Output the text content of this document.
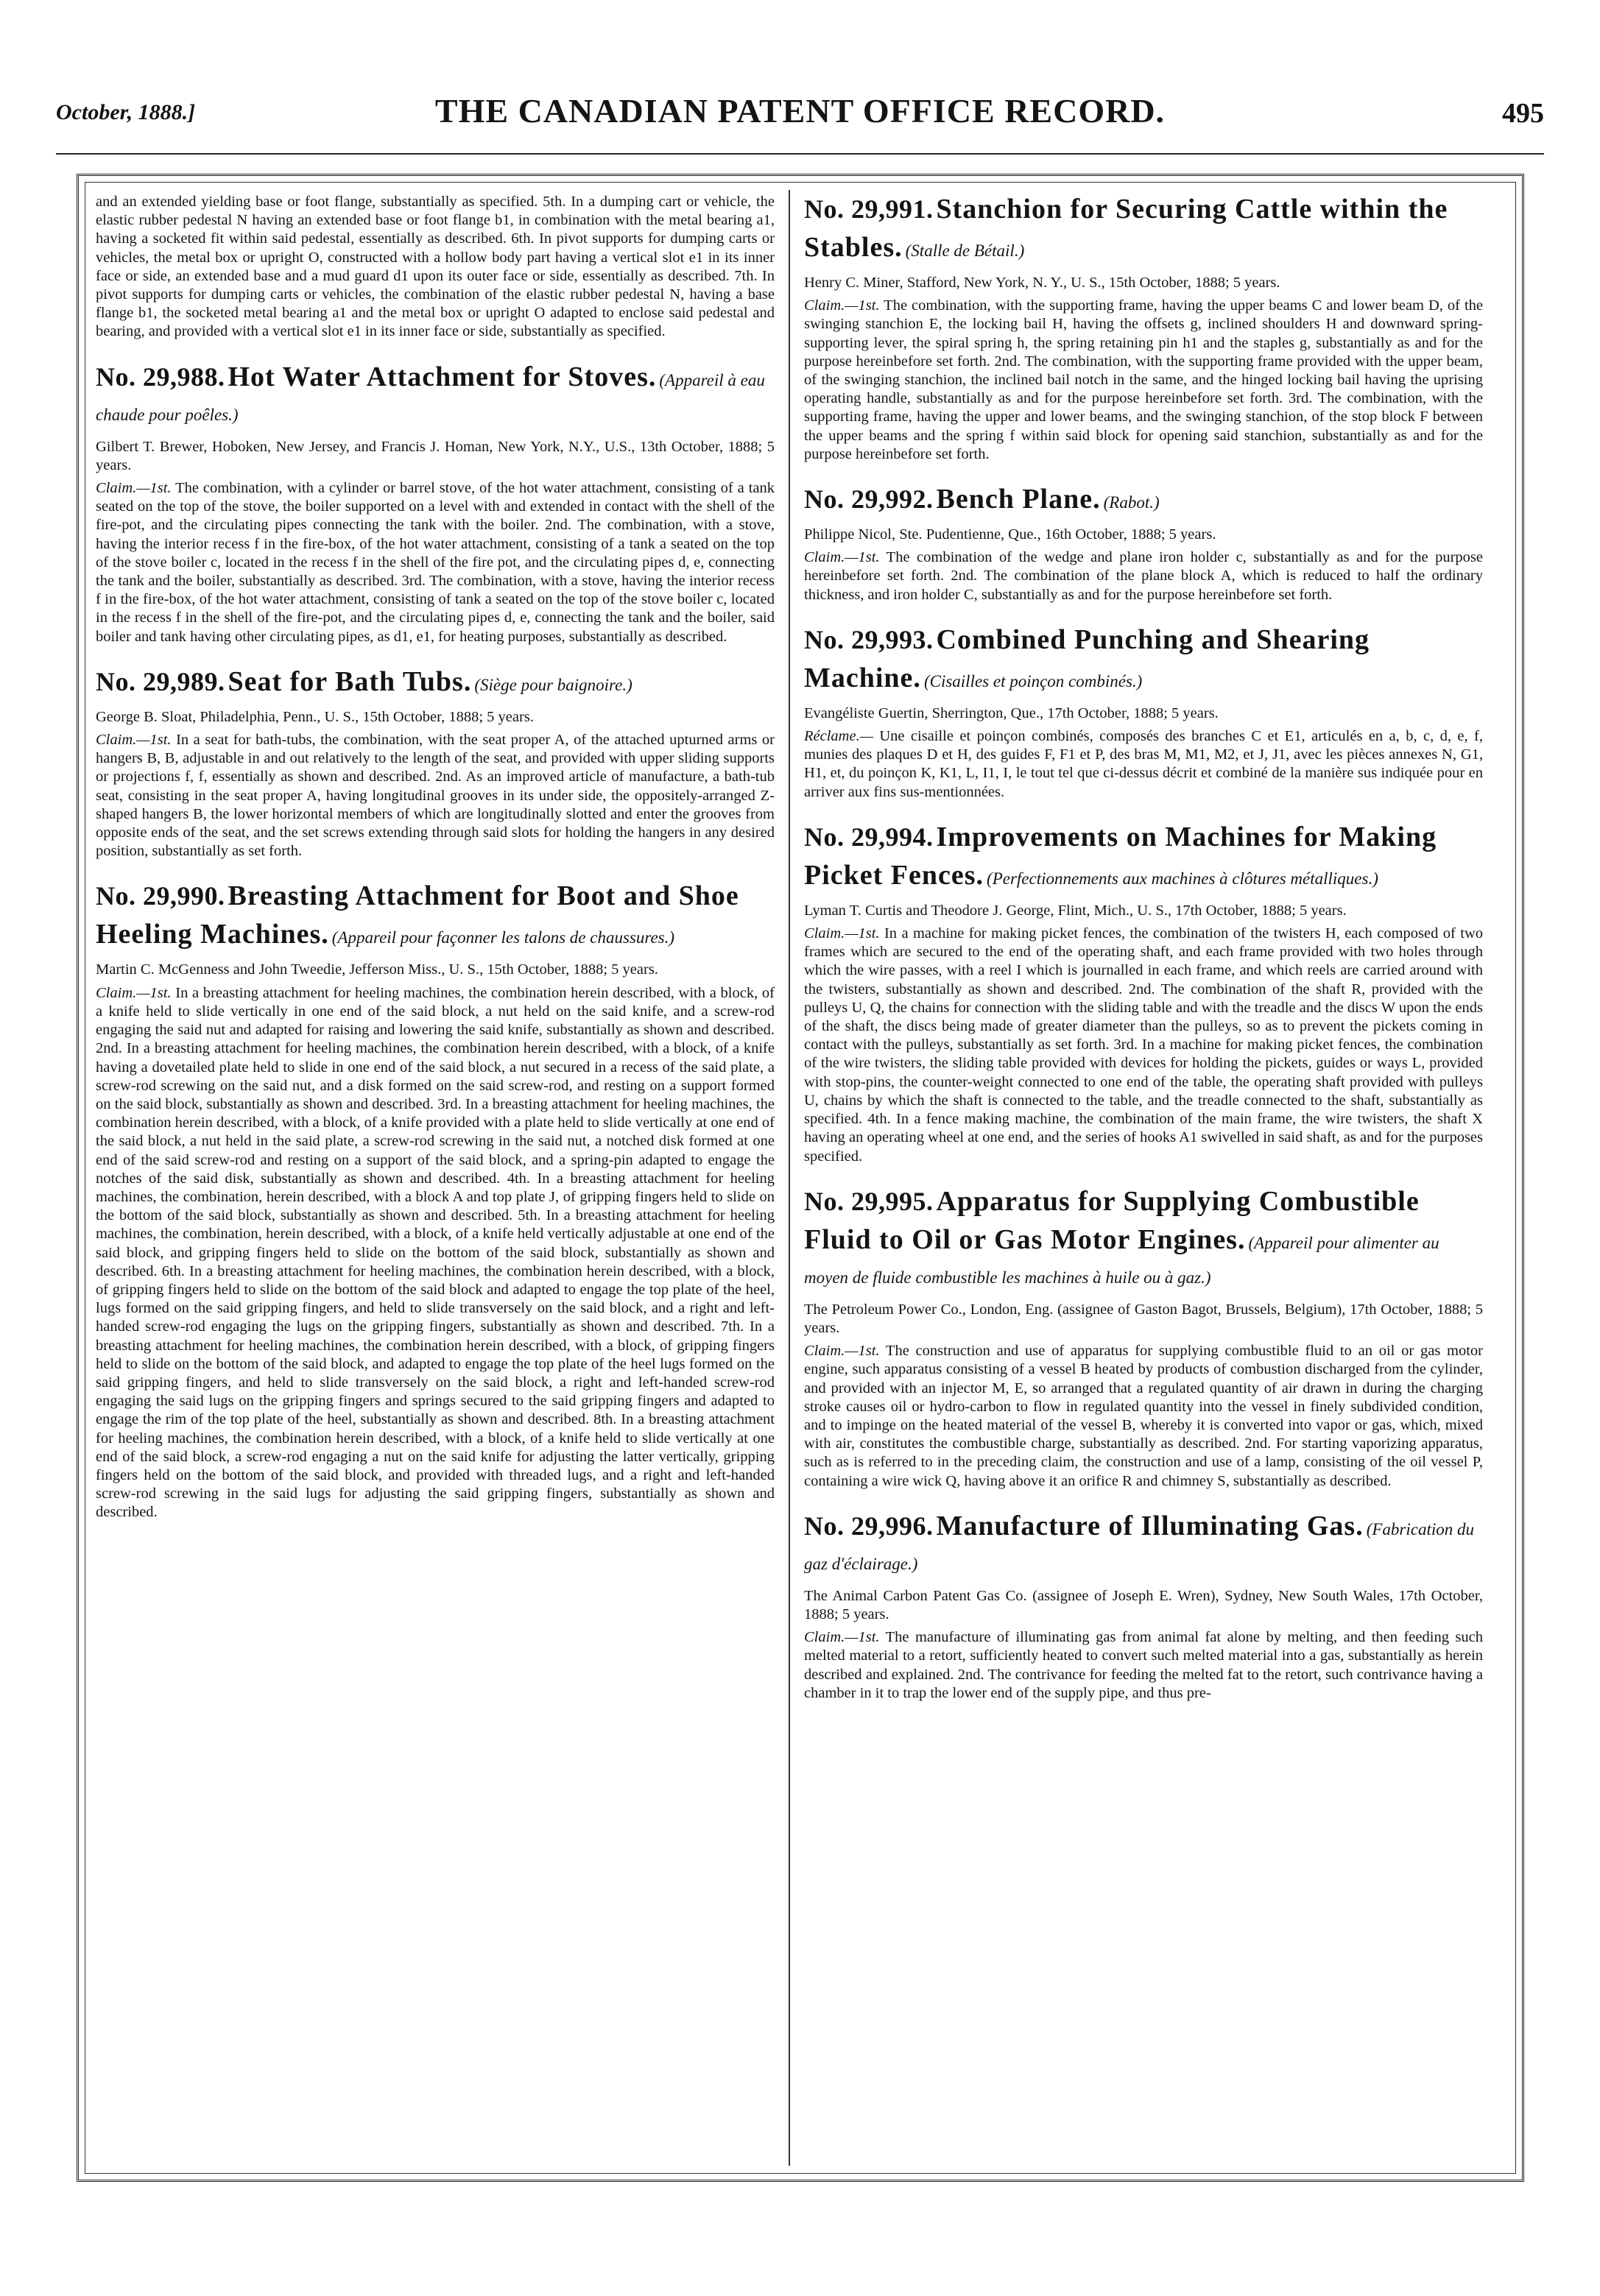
October, 1888.]	THE CANADIAN PATENT OFFICE RECORD.	495

and an extended yielding base or foot flange, substantially as specified. 5th. In a dumping cart or vehicle, the elastic rubber pedestal N having an extended base or foot flange b1, in combination with the metal bearing a1, having a socketed fit within said pedestal, essentially as described. 6th. In pivot supports for dumping carts or vehicles, the metal box or upright O, constructed with a hollow body part having a vertical slot e1 in its inner face or side, an extended base and a mud guard d1 upon its outer face or side, essentially as described. 7th. In pivot supports for dumping carts or vehicles, the combination of the elastic rubber pedestal N, having a base flange b1, the socketed metal bearing a1 and the metal box or upright O adapted to enclose said pedestal and bearing, and provided with a vertical slot e1 in its inner face or side, substantially as specified.

No. 29,988. Hot Water Attachment for Stoves. (Appareil à eau chaude pour poêles.)

Gilbert T. Brewer, Hoboken, New Jersey, and Francis J. Homan, New York, N.Y., U.S., 13th October, 1888; 5 years.

Claim.—1st. The combination, with a cylinder or barrel stove, of the hot water attachment, consisting of a tank seated on the top of the stove, the boiler supported on a level with and extended in contact with the shell of the fire-pot, and the circulating pipes connecting the tank with the boiler. 2nd. The combination, with a stove, having the interior recess f in the fire-box, of the hot water attachment, consisting of a tank a seated on the top of the stove boiler c, located in the recess f in the shell of the fire pot, and the circulating pipes d, e, connecting the tank and the boiler, substantially as described. 3rd. The combination, with a stove, having the interior recess f in the fire-box, of the hot water attachment, consisting of tank a seated on the top of the stove boiler c, located in the recess f in the shell of the fire-pot, and the circulating pipes d, e, connecting the tank and the boiler, said boiler and tank having other circulating pipes, as d1, e1, for heating purposes, substantially as described.

No. 29,989. Seat for Bath Tubs. (Siège pour baignoire.)

George B. Sloat, Philadelphia, Penn., U. S., 15th October, 1888; 5 years.

Claim.—1st. In a seat for bath-tubs, the combination, with the seat proper A, of the attached upturned arms or hangers B, B, adjustable in and out relatively to the length of the seat, and provided with upper sliding supports or projections f, f, essentially as shown and described. 2nd. As an improved article of manufacture, a bath-tub seat, consisting in the seat proper A, having longitudinal grooves in its under side, the oppositely-arranged Z-shaped hangers B, the lower horizontal members of which are longitudinally slotted and enter the grooves from opposite ends of the seat, and the set screws extending through said slots for holding the hangers in any desired position, substantially as set forth.

No. 29,990. Breasting Attachment for Boot and Shoe Heeling Machines. (Appareil pour façonner les talons de chaussures.)

Martin C. McGenness and John Tweedie, Jefferson Miss., U. S., 15th October, 1888; 5 years.

Claim.—1st. In a breasting attachment for heeling machines, the combination herein described, with a block, of a knife held to slide vertically in one end of the said block, a nut held on the said knife, and a screw-rod engaging the said nut and adapted for raising and lowering the said knife, substantially as shown and described. 2nd. In a breasting attachment for heeling machines, the combination herein described, with a block, of a knife having a dovetailed plate held to slide in one end of the said block, a nut secured in a recess of the said plate, a screw-rod screwing on the said nut, and a disk formed on the said screw-rod, and resting on a support formed on the said block, substantially as shown and described. 3rd. In a breasting attachment for heeling machines, the combination herein described, with a block, of a knife provided with a plate held to slide vertically at one end of the said block, a nut held in the said plate, a screw-rod screwing in the said nut, a notched disk formed at one end of the said screw-rod and resting on a support of the said block, and a spring-pin adapted to engage the notches of the said disk, substantially as shown and described. 4th. In a breasting attachment for heeling machines, the combination, herein described, with a block A and top plate J, of gripping fingers held to slide on the bottom of the said block, substantially as shown and described. 5th. In a breasting attachment for heeling machines, the combination, herein described, with a block, of a knife held vertically adjustable at one end of the said block, and gripping fingers held to slide on the bottom of the said block, substantially as shown and described. 6th. In a breasting attachment for heeling machines, the combination herein described, with a block, of gripping fingers held to slide on the bottom of the said block and adapted to engage the top plate of the heel, lugs formed on the said gripping fingers, and held to slide transversely on the said block, and a right and left-handed screw-rod engaging the lugs on the gripping fingers, substantially as shown and described. 7th. In a breasting attachment for heeling machines, the combination herein described, with a block, of gripping fingers held to slide on the bottom of the said block, and adapted to engage the top plate of the heel lugs formed on the said gripping fingers, and held to slide transversely on the said block, a right and left-handed screw-rod engaging the said lugs on the gripping fingers and springs secured to the said gripping fingers and adapted to engage the rim of the top plate of the heel, substantially as shown and described. 8th. In a breasting attachment for heeling machines, the combination herein described, with a block, of a knife held to slide vertically at one end of the said block, a screw-rod engaging a nut on the said knife for adjusting the latter vertically, gripping fingers held on the bottom of the said block, and provided with threaded lugs, and a right and left-handed screw-rod screwing in the said lugs for adjusting the said gripping fingers, substantially as shown and described.

No. 29,991. Stanchion for Securing Cattle within the Stables. (Stalle de Bétail.)

Henry C. Miner, Stafford, New York, N. Y., U. S., 15th October, 1888; 5 years.

Claim.—1st. The combination, with the supporting frame, having the upper beams C and lower beam D, of the swinging stanchion E, the locking bail H, having the offsets g, inclined shoulders H and downward spring-supporting lever, the spiral spring h, the spring retaining pin h1 and the staples g, substantially as and for the purpose hereinbefore set forth. 2nd. The combination, with the supporting frame provided with the upper beam, of the swinging stanchion, the inclined bail notch in the same, and the hinged locking bail having the uprising operating handle, substantially as and for the purpose hereinbefore set forth. 3rd. The combination, with the supporting frame, having the upper and lower beams, and the swinging stanchion, of the stop block F between the upper beams and the spring f within said block for opening said stanchion, substantially as and for the purpose hereinbefore set forth.

No. 29,992. Bench Plane. (Rabot.)

Philippe Nicol, Ste. Pudentienne, Que., 16th October, 1888; 5 years.

Claim.—1st. The combination of the wedge and plane iron holder c, substantially as and for the purpose hereinbefore set forth. 2nd. The combination of the plane block A, which is reduced to half the ordinary thickness, and iron holder C, substantially as and for the purpose hereinbefore set forth.

No. 29,993. Combined Punching and Shearing Machine. (Cisailles et poinçon combinés.)

Evangéliste Guertin, Sherrington, Que., 17th October, 1888; 5 years.

Réclame.— Une cisaille et poinçon combinés, composés des branches C et E1, articulés en a, b, c, d, e, f, munies des plaques D et H, des guides F, F1 et P, des bras M, M1, M2, et J, J1, avec les pièces annexes N, G1, H1, et, du poinçon K, K1, L, I1, I, le tout tel que ci-dessus décrit et combiné de la manière sus indiquée pour en arriver aux fins sus-mentionnées.

No. 29,994. Improvements on Machines for Making Picket Fences. (Perfectionnements aux machines à clôtures métalliques.)

Lyman T. Curtis and Theodore J. George, Flint, Mich., U. S., 17th October, 1888; 5 years.

Claim.—1st. In a machine for making picket fences, the combination of the twisters H, each composed of two frames which are secured to the end of the operating shaft, and each frame provided with two holes through which the wire passes, with a reel I which is journalled in each frame, and which reels are carried around with the twisters, substantially as shown and described. 2nd. The combination of the shaft R, provided with the pulleys U, Q, the chains for connection with the sliding table and with the treadle and the discs W upon the ends of the shaft, the discs being made of greater diameter than the pulleys, so as to prevent the pickets coming in contact with the pulleys, substantially as set forth. 3rd. In a machine for making picket fences, the combination of the wire twisters, the sliding table provided with devices for holding the pickets, guides or ways L, provided with stop-pins, the counter-weight connected to one end of the table, the operating shaft provided with pulleys U, chains by which the shaft is connected to the table, and the treadle connected to the shaft, substantially as specified. 4th. In a fence making machine, the combination of the main frame, the wire twisters, the shaft X having an operating wheel at one end, and the series of hooks A1 swivelled in said shaft, as and for the purposes specified.

No. 29,995. Apparatus for Supplying Combustible Fluid to Oil or Gas Motor Engines. (Appareil pour alimenter au moyen de fluide combustible les machines à huile ou à gaz.)

The Petroleum Power Co., London, Eng. (assignee of Gaston Bagot, Brussels, Belgium), 17th October, 1888; 5 years.

Claim.—1st. The construction and use of apparatus for supplying combustible fluid to an oil or gas motor engine, such apparatus consisting of a vessel B heated by products of combustion discharged from the cylinder, and provided with an injector M, E, so arranged that a regulated quantity of air drawn in during the charging stroke causes oil or hydro-carbon to flow in regulated quantity into the vessel in finely subdivided condition, and to impinge on the heated material of the vessel B, whereby it is converted into vapor or gas, which, mixed with air, constitutes the combustible charge, substantially as described. 2nd. For starting vaporizing apparatus, such as is referred to in the preceding claim, the construction and use of a lamp, consisting of the oil vessel P, containing a wire wick Q, having above it an orifice R and chimney S, substantially as described.

No. 29,996. Manufacture of Illuminating Gas. (Fabrication du gaz d'éclairage.)

The Animal Carbon Patent Gas Co. (assignee of Joseph E. Wren), Sydney, New South Wales, 17th October, 1888; 5 years.

Claim.—1st. The manufacture of illuminating gas from animal fat alone by melting, and then feeding such melted material to a retort, sufficiently heated to convert such melted material into a gas, substantially as herein described and explained. 2nd. The contrivance for feeding the melted fat to the retort, such contrivance having a chamber in it to trap the lower end of the supply pipe, and thus pre-
